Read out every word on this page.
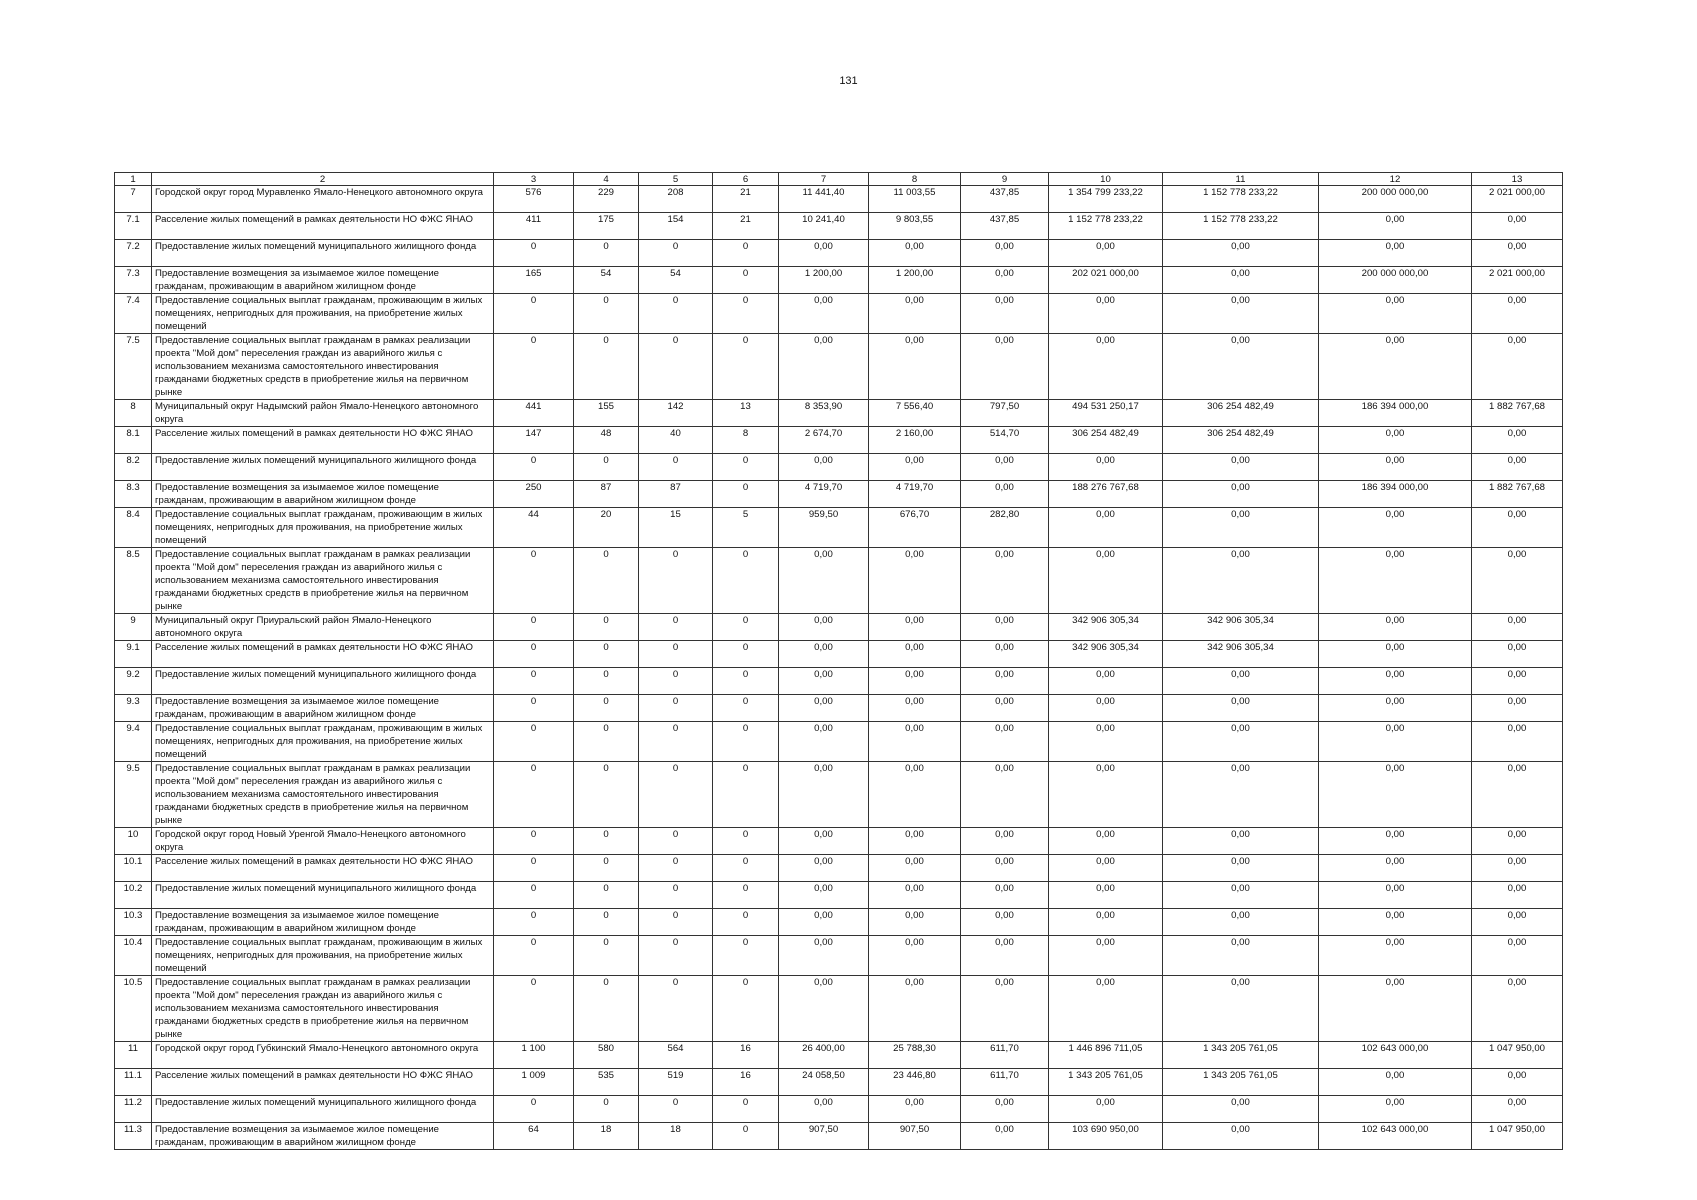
131
1	2	3	4	5	6	7	8	9	10	11	12	13
7	Городской округ город Муравленко Ямало-Ненецкого автономного округа	576	229	208	21	11 441,40	11 003,55	437,85	1 354 799 233,22	1 152 778 233,22	200 000 000,00	2 021 000,00
7.1	Расселение жилых помещений в рамках деятельности НО ФЖС ЯНАО	411	175	154	21	10 241,40	9 803,55	437,85	1 152 778 233,22	1 152 778 233,22	0,00	0,00
7.2	Предоставление жилых помещений муниципального жилищного фонда	0	0	0	0	0,00	0,00	0,00	0,00	0,00	0,00	0,00
7.3	Предоставление возмещения за изымаемое жилое помещение гражданам, проживающим в аварийном жилищном фонде	165	54	54	0	1 200,00	1 200,00	0,00	202 021 000,00	0,00	200 000 000,00	2 021 000,00
7.4	Предоставление социальных выплат гражданам, проживающим в жилых помещениях, непригодных для проживания, на приобретение жилых помещений	0	0	0	0	0,00	0,00	0,00	0,00	0,00	0,00	0,00
7.5	Предоставление социальных выплат гражданам в рамках реализации проекта "Мой дом" переселения граждан из аварийного жилья с использованием механизма самостоятельного инвестирования гражданами бюджетных средств в приобретение жилья на первичном рынке	0	0	0	0	0,00	0,00	0,00	0,00	0,00	0,00	0,00
8	Муниципальный округ Надымский район Ямало-Ненецкого автономного округа	441	155	142	13	8 353,90	7 556,40	797,50	494 531 250,17	306 254 482,49	186 394 000,00	1 882 767,68
8.1	Расселение жилых помещений в рамках деятельности НО ФЖС ЯНАО	147	48	40	8	2 674,70	2 160,00	514,70	306 254 482,49	306 254 482,49	0,00	0,00
8.2	Предоставление жилых помещений муниципального жилищного фонда	0	0	0	0	0,00	0,00	0,00	0,00	0,00	0,00	0,00
8.3	Предоставление возмещения за изымаемое жилое помещение гражданам, проживающим в аварийном жилищном фонде	250	87	87	0	4 719,70	4 719,70	0,00	188 276 767,68	0,00	186 394 000,00	1 882 767,68
8.4	Предоставление социальных выплат гражданам, проживающим в жилых помещениях, непригодных для проживания, на приобретение жилых помещений	44	20	15	5	959,50	676,70	282,80	0,00	0,00	0,00	0,00
8.5	Предоставление социальных выплат гражданам в рамках реализации проекта "Мой дом" переселения граждан из аварийного жилья с использованием механизма самостоятельного инвестирования гражданами бюджетных средств в приобретение жилья на первичном рынке	0	0	0	0	0,00	0,00	0,00	0,00	0,00	0,00	0,00
9	Муниципальный округ Приуральский район Ямало-Ненецкого автономного округа	0	0	0	0	0,00	0,00	0,00	342 906 305,34	342 906 305,34	0,00	0,00
9.1	Расселение жилых помещений в рамках деятельности НО ФЖС ЯНАО	0	0	0	0	0,00	0,00	0,00	342 906 305,34	342 906 305,34	0,00	0,00
9.2	Предоставление жилых помещений муниципального жилищного фонда	0	0	0	0	0,00	0,00	0,00	0,00	0,00	0,00	0,00
9.3	Предоставление возмещения за изымаемое жилое помещение гражданам, проживающим в аварийном жилищном фонде	0	0	0	0	0,00	0,00	0,00	0,00	0,00	0,00	0,00
9.4	Предоставление социальных выплат гражданам, проживающим в жилых помещениях, непригодных для проживания, на приобретение жилых помещений	0	0	0	0	0,00	0,00	0,00	0,00	0,00	0,00	0,00
9.5	Предоставление социальных выплат гражданам в рамках реализации проекта "Мой дом" переселения граждан из аварийного жилья с использованием механизма самостоятельного инвестирования гражданами бюджетных средств в приобретение жилья на первичном рынке	0	0	0	0	0,00	0,00	0,00	0,00	0,00	0,00	0,00
10	Городской округ город Новый Уренгой Ямало-Ненецкого автономного округа	0	0	0	0	0,00	0,00	0,00	0,00	0,00	0,00	0,00
10.1	Расселение жилых помещений в рамках деятельности НО ФЖС ЯНАО	0	0	0	0	0,00	0,00	0,00	0,00	0,00	0,00	0,00
10.2	Предоставление жилых помещений муниципального жилищного фонда	0	0	0	0	0,00	0,00	0,00	0,00	0,00	0,00	0,00
10.3	Предоставление возмещения за изымаемое жилое помещение гражданам, проживающим в аварийном жилищном фонде	0	0	0	0	0,00	0,00	0,00	0,00	0,00	0,00	0,00
10.4	Предоставление социальных выплат гражданам, проживающим в жилых помещениях, непригодных для проживания, на приобретение жилых помещений	0	0	0	0	0,00	0,00	0,00	0,00	0,00	0,00	0,00
10.5	Предоставление социальных выплат гражданам в рамках реализации проекта "Мой дом" переселения граждан из аварийного жилья с использованием механизма самостоятельного инвестирования гражданами бюджетных средств в приобретение жилья на первичном рынке	0	0	0	0	0,00	0,00	0,00	0,00	0,00	0,00	0,00
11	Городской округ город Губкинский Ямало-Ненецкого автономного округа	1 100	580	564	16	26 400,00	25 788,30	611,70	1 446 896 711,05	1 343 205 761,05	102 643 000,00	1 047 950,00
11.1	Расселение жилых помещений в рамках деятельности НО ФЖС ЯНАО	1 009	535	519	16	24 058,50	23 446,80	611,70	1 343 205 761,05	1 343 205 761,05	0,00	0,00
11.2	Предоставление жилых помещений муниципального жилищного фонда	0	0	0	0	0,00	0,00	0,00	0,00	0,00	0,00	0,00
11.3	Предоставление возмещения за изымаемое жилое помещение гражданам, проживающим в аварийном жилищном фонде	64	18	18	0	907,50	907,50	0,00	103 690 950,00	0,00	102 643 000,00	1 047 950,00
